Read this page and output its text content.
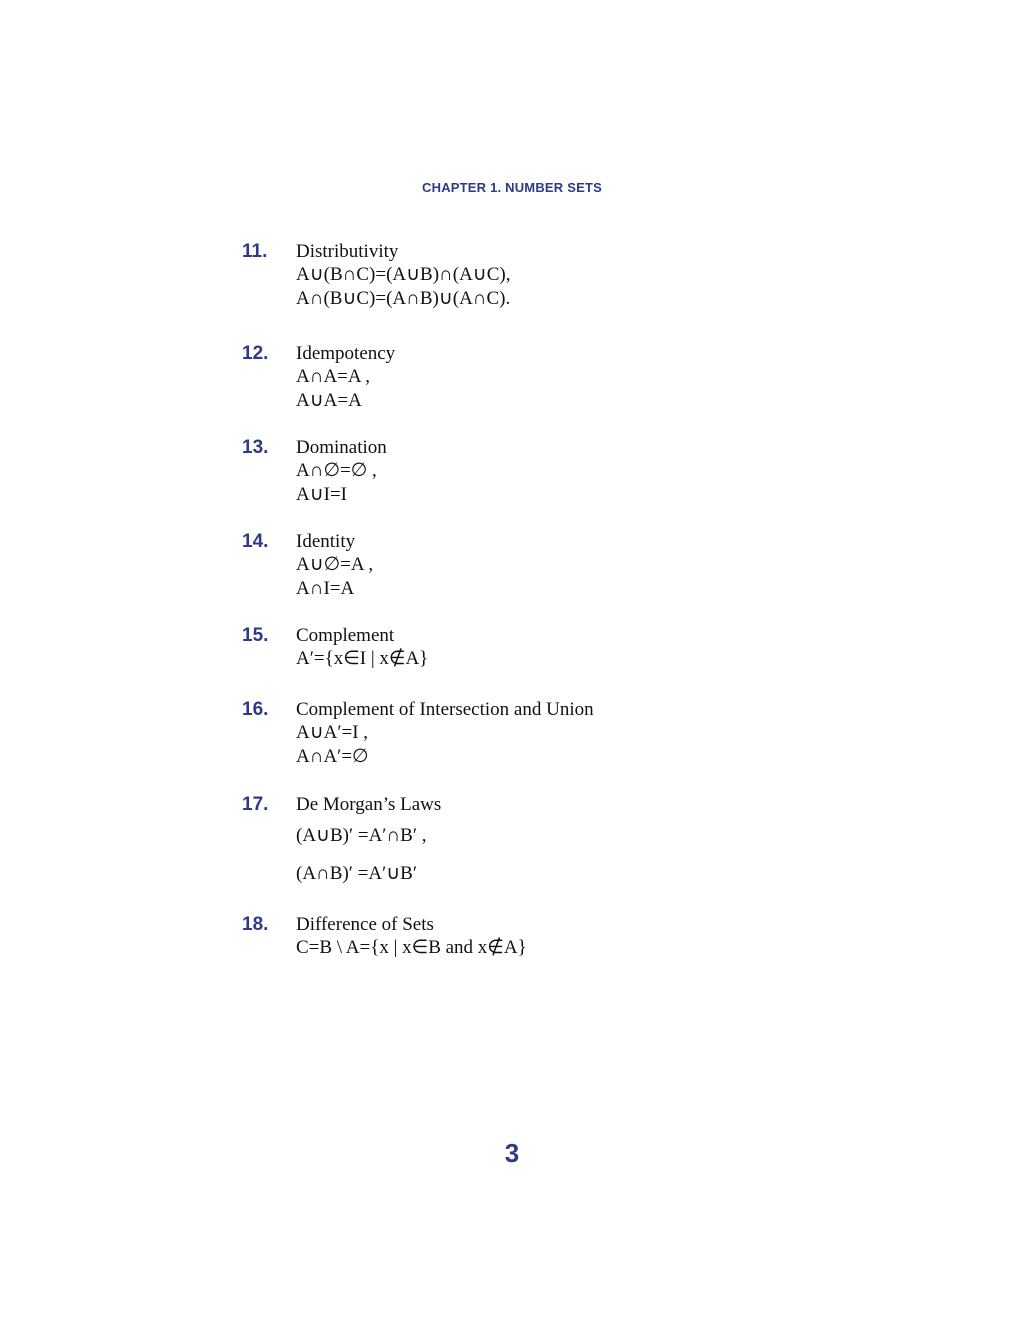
CHAPTER 1. NUMBER SETS
11. Distributivity
A∪(B∩C)=(A∪B)∩(A∪C),
A∩(B∪C)=(A∩B)∪(A∩C).
12. Idempotency
A∩A=A ,
A∪A=A
13. Domination
A∩∅=∅ ,
A∪I=I
14. Identity
A∪∅=A ,
A∩I=A
15. Complement
A′={x∈I | x∉A}
16. Complement of Intersection and Union
A∪A′=I ,
A∩A′=∅
17. De Morgan’s Laws
(A∪B)′ =A′∩B′ ,
(A∩B)′ =A′∪B′
18. Difference of Sets
C=B \ A={x | x∈B and x∉A}
3
